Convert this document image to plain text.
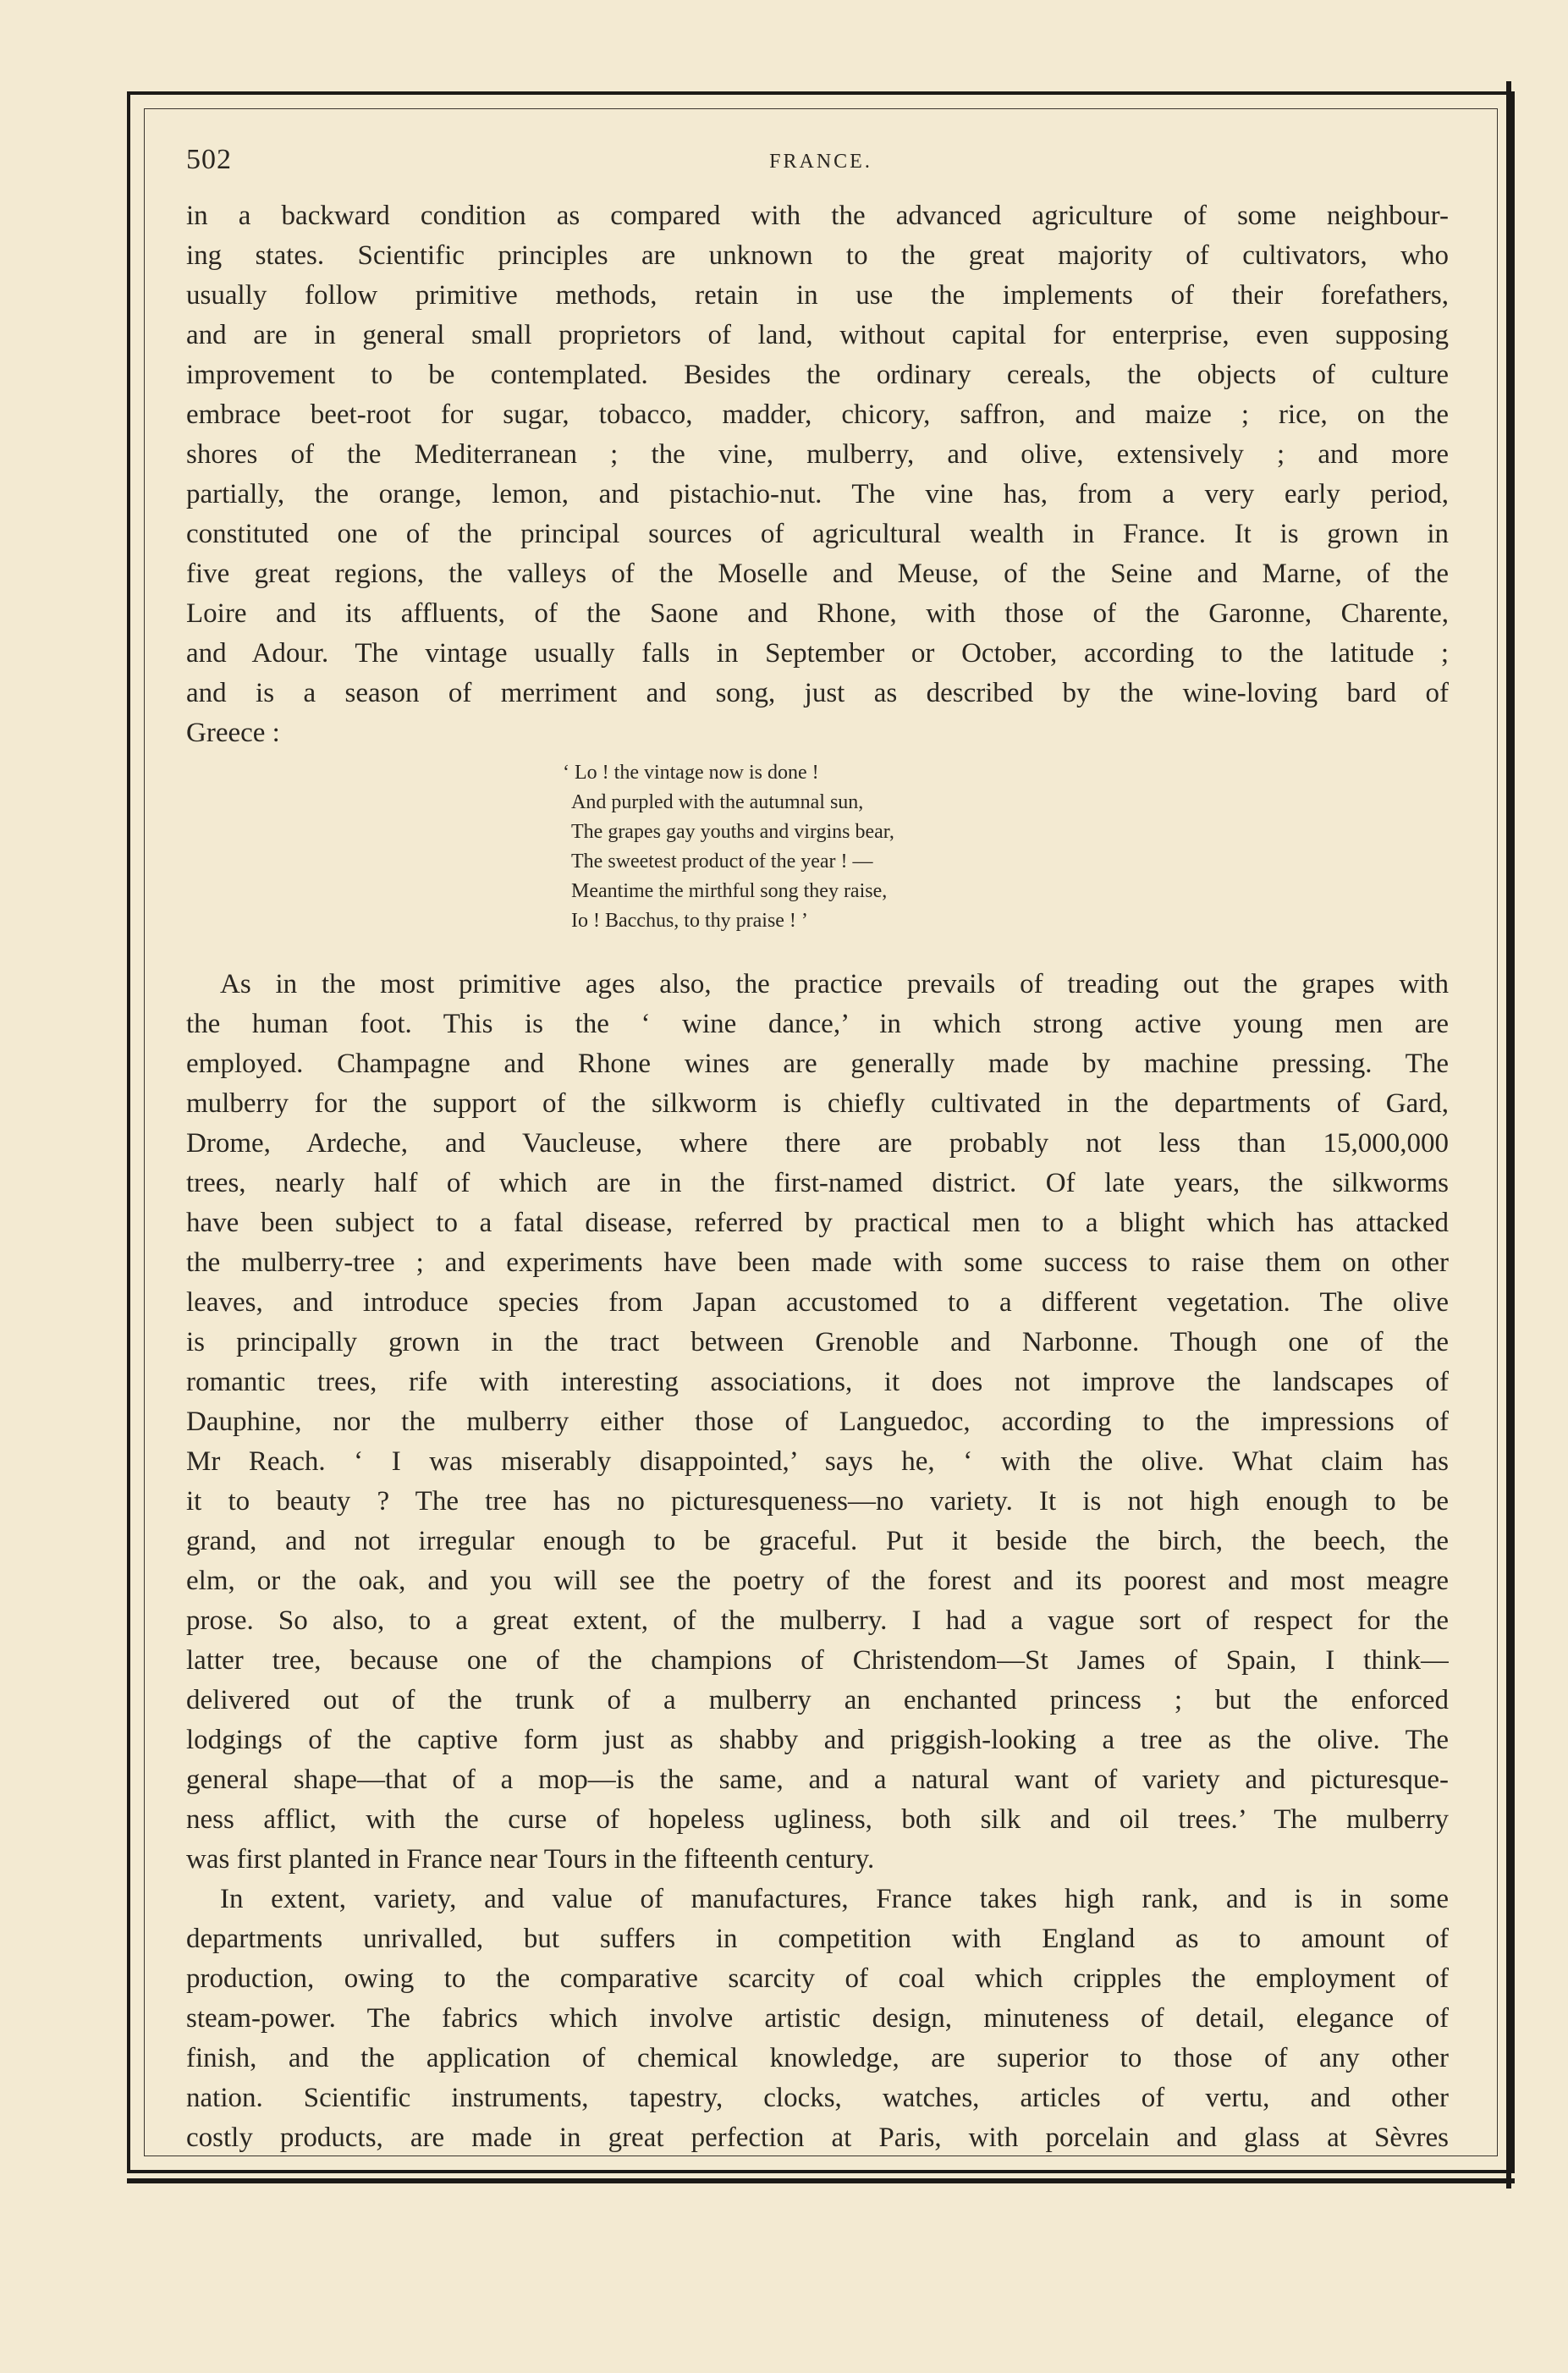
502	FRANCE.
in a backward condition as compared with the advanced agriculture of some neighbour-
ing states. Scientific principles are unknown to the great majority of cultivators, who
usually follow primitive methods, retain in use the implements of their forefathers,
and are in general small proprietors of land, without capital for enterprise, even supposing
improvement to be contemplated. Besides the ordinary cereals, the objects of culture
embrace beet-root for sugar, tobacco, madder, chicory, saffron, and maize ; rice, on the
shores of the Mediterranean ; the vine, mulberry, and olive, extensively ; and more
partially, the orange, lemon, and pistachio-nut. The vine has, from a very early period,
constituted one of the principal sources of agricultural wealth in France. It is grown in
five great regions, the valleys of the Moselle and Meuse, of the Seine and Marne, of the
Loire and its affluents, of the Saone and Rhone, with those of the Garonne, Charente,
and Adour. The vintage usually falls in September or October, according to the latitude ;
and is a season of merriment and song, just as described by the wine-loving bard of
Greece :
‘ Lo ! the vintage now is done !
And purpled with the autumnal sun,
The grapes gay youths and virgins bear,
The sweetest product of the year ! —
Meantime the mirthful song they raise,
Io ! Bacchus, to thy praise ! ’
As in the most primitive ages also, the practice prevails of treading out the grapes with
the human foot. This is the ‘ wine dance,’ in which strong active young men are
employed. Champagne and Rhone wines are generally made by machine pressing. The
mulberry for the support of the silkworm is chiefly cultivated in the departments of Gard,
Drome, Ardeche, and Vaucleuse, where there are probably not less than 15,000,000
trees, nearly half of which are in the first-named district. Of late years, the silkworms
have been subject to a fatal disease, referred by practical men to a blight which has attacked
the mulberry-tree ; and experiments have been made with some success to raise them on other
leaves, and introduce species from Japan accustomed to a different vegetation. The olive
is principally grown in the tract between Grenoble and Narbonne. Though one of the
romantic trees, rife with interesting associations, it does not improve the landscapes of
Dauphine, nor the mulberry either those of Languedoc, according to the impressions of
Mr Reach. ‘ I was miserably disappointed,’ says he, ‘ with the olive. What claim has
it to beauty ? The tree has no picturesqueness—no variety. It is not high enough to be
grand, and not irregular enough to be graceful. Put it beside the birch, the beech, the
elm, or the oak, and you will see the poetry of the forest and its poorest and most meagre
prose. So also, to a great extent, of the mulberry. I had a vague sort of respect for the
latter tree, because one of the champions of Christendom—St James of Spain, I think—
delivered out of the trunk of a mulberry an enchanted princess ; but the enforced
lodgings of the captive form just as shabby and priggish-looking a tree as the olive. The
general shape—that of a mop—is the same, and a natural want of variety and picturesque-
ness afflict, with the curse of hopeless ugliness, both silk and oil trees.’ The mulberry
was first planted in France near Tours in the fifteenth century.
In extent, variety, and value of manufactures, France takes high rank, and is in some
departments unrivalled, but suffers in competition with England as to amount of
production, owing to the comparative scarcity of coal which cripples the employment of
steam-power. The fabrics which involve artistic design, minuteness of detail, elegance of
finish, and the application of chemical knowledge, are superior to those of any other
nation. Scientific instruments, tapestry, clocks, watches, articles of vertu, and other
costly products, are made in great perfection at Paris, with porcelain and glass at Sèvres
